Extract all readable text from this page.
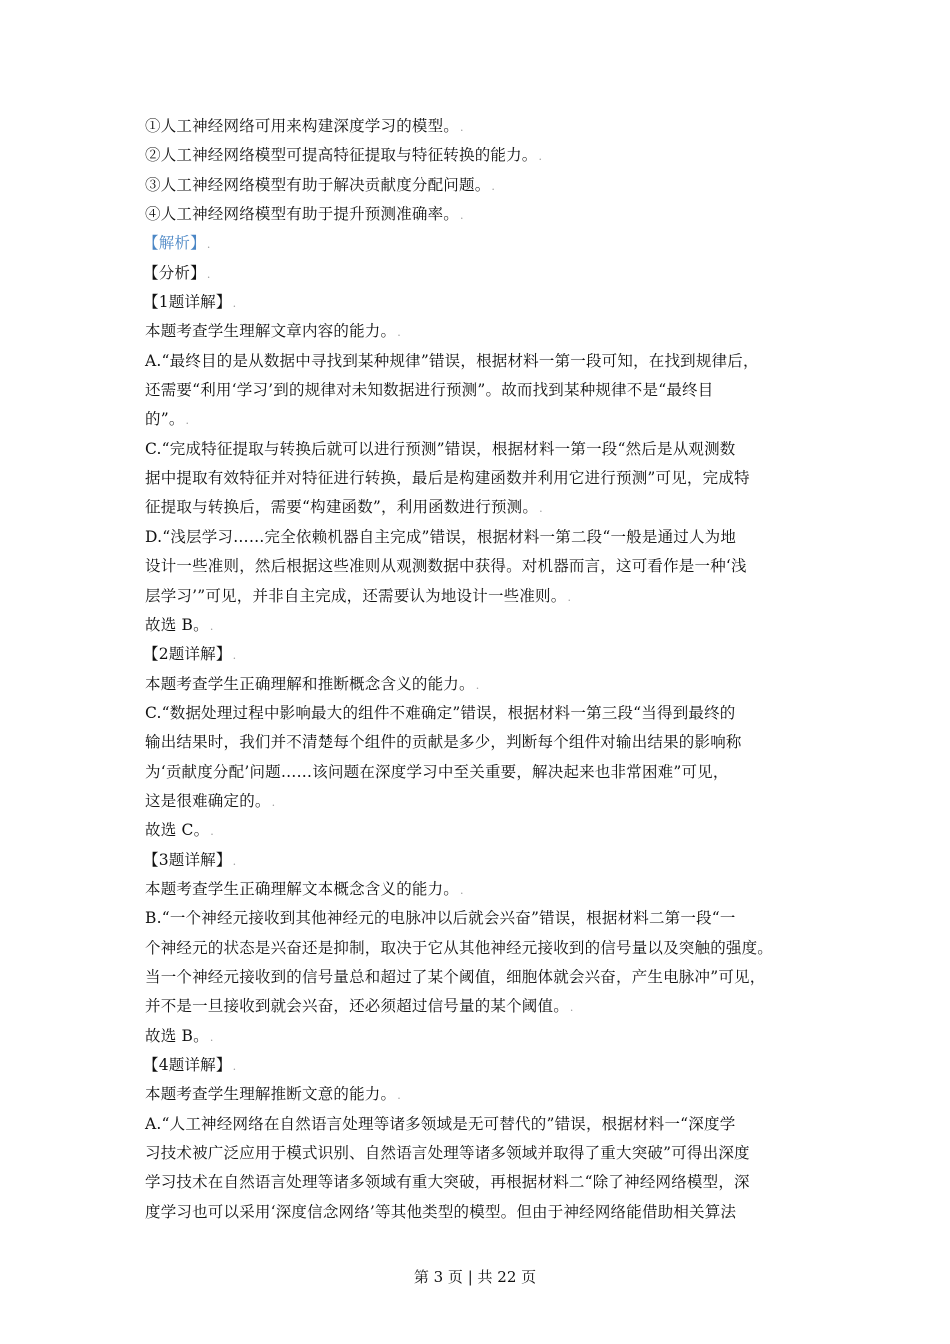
①人工神经网络可用来构建深度学习的模型。.
②人工神经网络模型可提高特征提取与特征转换的能力。.
③人工神经网络模型有助于解决贡献度分配问题。.
④人工神经网络模型有助于提升预测准确率。.
【解析】.
【分析】.
【1题详解】.
本题考查学生理解文章内容的能力。.
A.“最终目的是从数据中寻找到某种规律”错误，根据材料一第一段可知，在找到规律后，
还需要“利用‘学习’到的规律对未知数据进行预测”。故而找到某种规律不是“最终目
的”。.
C.“完成特征提取与转换后就可以进行预测”错误，根据材料一第一段“然后是从观测数
据中提取有效特征并对特征进行转换，最后是构建函数并利用它进行预测”可见，完成特
征提取与转换后，需要“构建函数”，利用函数进行预测。.
D.“浅层学习……完全依赖机器自主完成”错误，根据材料一第二段“一般是通过人为地
设计一些准则，然后根据这些准则从观测数据中获得。对机器而言，这可看作是一种‘浅
层学习’”可见，并非自主完成，还需要认为地设计一些准则。.
故选 B。.
【2题详解】.
本题考查学生正确理解和推断概念含义的能力。.
C.“数据处理过程中影响最大的组件不难确定”错误，根据材料一第三段“当得到最终的
输出结果时，我们并不清楚每个组件的贡献是多少，判断每个组件对输出结果的影响称
为‘贡献度分配’问题……该问题在深度学习中至关重要，解决起来也非常困难”可见，
这是很难确定的。.
故选 C。.
【3题详解】.
本题考查学生正确理解文本概念含义的能力。.
B.“一个神经元接收到其他神经元的电脉冲以后就会兴奋”错误，根据材料二第一段“一
个神经元的状态是兴奋还是抑制，取决于它从其他神经元接收到的信号量以及突触的强度。
当一个神经元接收到的信号量总和超过了某个阈值，细胞体就会兴奋，产生电脉冲”可见，
并不是一旦接收到就会兴奋，还必须超过信号量的某个阈值。.
故选 B。.
【4题详解】.
本题考查学生理解推断文意的能力。.
A.“人工神经网络在自然语言处理等诸多领域是无可替代的”错误，根据材料一“深度学
习技术被广泛应用于模式识别、自然语言处理等诸多领域并取得了重大突破”可得出深度
学习技术在自然语言处理等诸多领域有重大突破，再根据材料二“除了神经网络模型，深
度学习也可以采用‘深度信念网络’等其他类型的模型。但由于神经网络能借助相关算法
第 3 页 | 共 22 页
